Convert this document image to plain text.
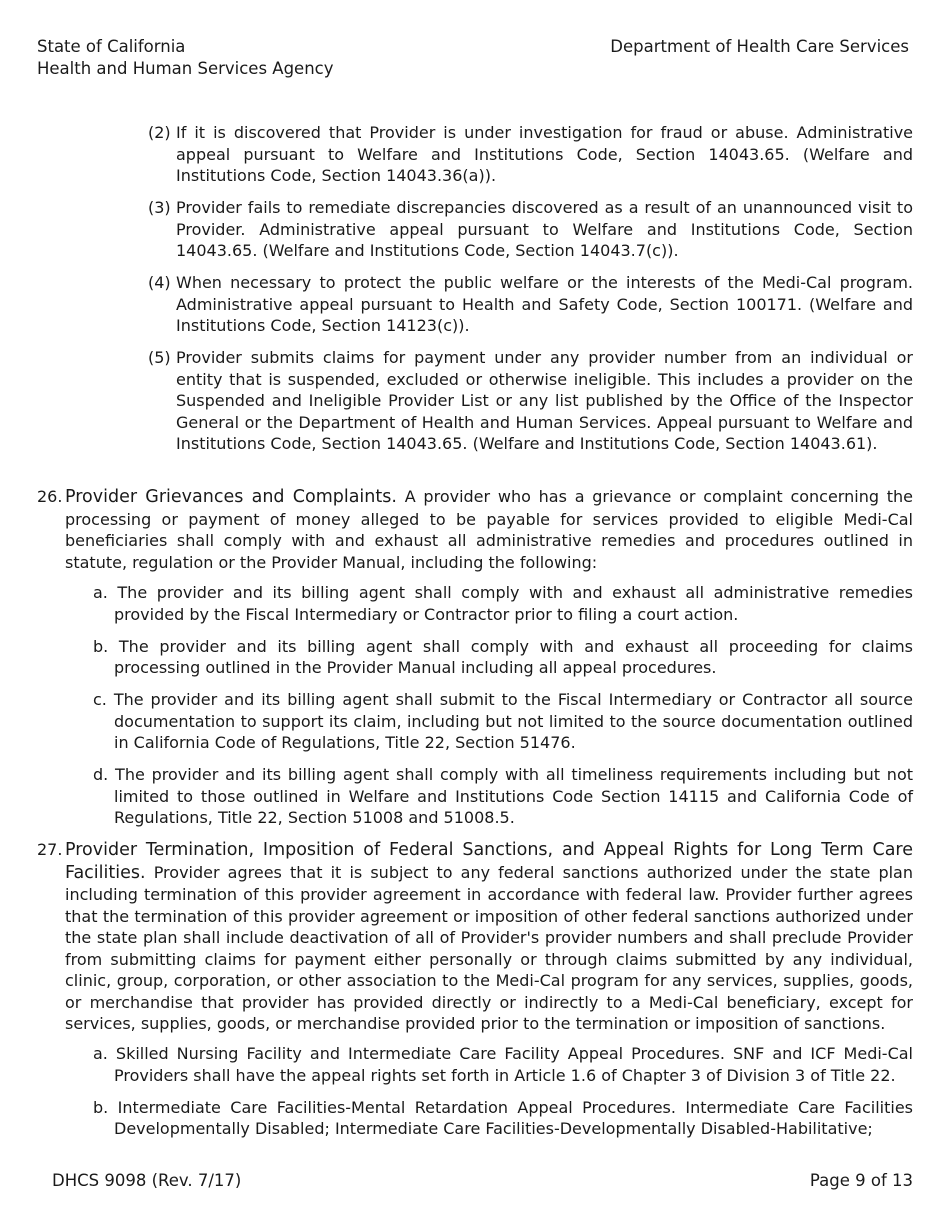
State of California
Health and Human Services Agency
Department of Health Care Services
(2) If it is discovered that Provider is under investigation for fraud or abuse. Administrative appeal pursuant to Welfare and Institutions Code, Section 14043.65. (Welfare and Institutions Code, Section 14043.36(a)).
(3) Provider fails to remediate discrepancies discovered as a result of an unannounced visit to Provider. Administrative appeal pursuant to Welfare and Institutions Code, Section 14043.65. (Welfare and Institutions Code, Section 14043.7(c)).
(4) When necessary to protect the public welfare or the interests of the Medi-Cal program. Administrative appeal pursuant to Health and Safety Code, Section 100171. (Welfare and Institutions Code, Section 14123(c)).
(5) Provider submits claims for payment under any provider number from an individual or entity that is suspended, excluded or otherwise ineligible. This includes a provider on the Suspended and Ineligible Provider List or any list published by the Office of the Inspector General or the Department of Health and Human Services. Appeal pursuant to Welfare and Institutions Code, Section 14043.65. (Welfare and Institutions Code, Section 14043.61).
26. Provider Grievances and Complaints. A provider who has a grievance or complaint concerning the processing or payment of money alleged to be payable for services provided to eligible Medi-Cal beneficiaries shall comply with and exhaust all administrative remedies and procedures outlined in statute, regulation or the Provider Manual, including the following:
a. The provider and its billing agent shall comply with and exhaust all administrative remedies provided by the Fiscal Intermediary or Contractor prior to filing a court action.
b. The provider and its billing agent shall comply with and exhaust all proceeding for claims processing outlined in the Provider Manual including all appeal procedures.
c. The provider and its billing agent shall submit to the Fiscal Intermediary or Contractor all source documentation to support its claim, including but not limited to the source documentation outlined in California Code of Regulations, Title 22, Section 51476.
d. The provider and its billing agent shall comply with all timeliness requirements including but not limited to those outlined in Welfare and Institutions Code Section 14115 and California Code of Regulations, Title 22, Section 51008 and 51008.5.
27. Provider Termination, Imposition of Federal Sanctions, and Appeal Rights for Long Term Care Facilities. Provider agrees that it is subject to any federal sanctions authorized under the state plan including termination of this provider agreement in accordance with federal law. Provider further agrees that the termination of this provider agreement or imposition of other federal sanctions authorized under the state plan shall include deactivation of all of Provider's provider numbers and shall preclude Provider from submitting claims for payment either personally or through claims submitted by any individual, clinic, group, corporation, or other association to the Medi-Cal program for any services, supplies, goods, or merchandise that provider has provided directly or indirectly to a Medi-Cal beneficiary, except for services, supplies, goods, or merchandise provided prior to the termination or imposition of sanctions.
a. Skilled Nursing Facility and Intermediate Care Facility Appeal Procedures. SNF and ICF Medi-Cal Providers shall have the appeal rights set forth in Article 1.6 of Chapter 3 of Division 3 of Title 22.
b. Intermediate Care Facilities-Mental Retardation Appeal Procedures. Intermediate Care Facilities Developmentally Disabled; Intermediate Care Facilities-Developmentally Disabled-Habilitative;
DHCS 9098 (Rev. 7/17)	Page 9 of 13
